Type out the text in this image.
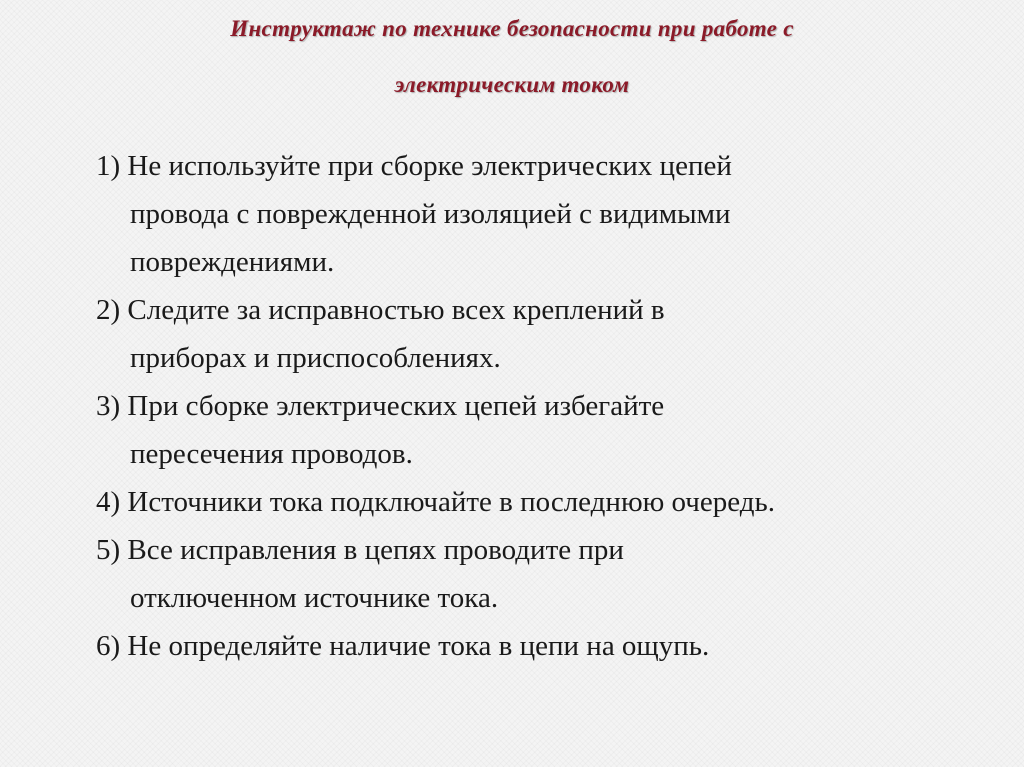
Инструктаж по технике безопасности при работе с
электрическим током
1) Не используйте при сборке электрических цепей
провода с поврежденной изоляцией с видимыми
повреждениями.
2) Следите за исправностью всех креплений в
приборах и приспособлениях.
3) При сборке электрических цепей избегайте
пересечения проводов.
4) Источники тока подключайте в последнюю очередь.
5) Все исправления в цепях проводите при
отключенном источнике тока.
6) Не определяйте наличие тока в цепи на ощупь.
